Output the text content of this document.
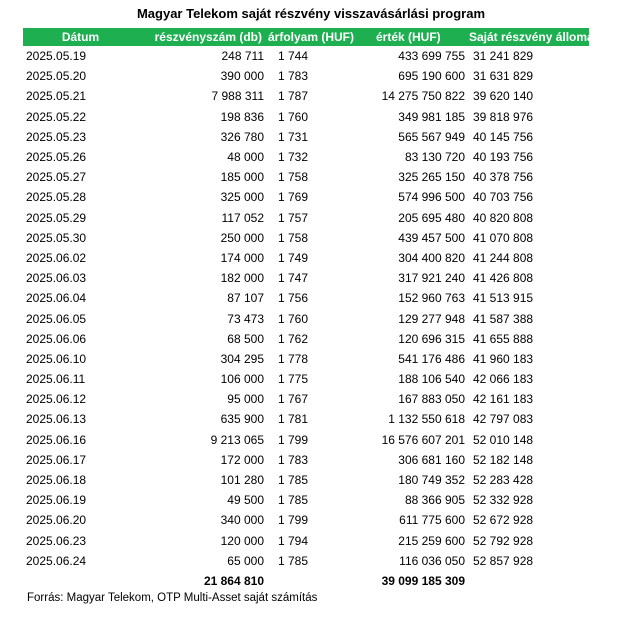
Magyar Telekom saját részvény visszavásárlási program
Dátum	részvényszám (db)	árfolyam (HUF)	érték (HUF)	Saját részvény állomány
2025.05.19	248 711	1 744	433 699 755	31 241 829
2025.05.20	390 000	1 783	695 190 600	31 631 829
2025.05.21	7 988 311	1 787	14 275 750 822	39 620 140
2025.05.22	198 836	1 760	349 981 185	39 818 976
2025.05.23	326 780	1 731	565 567 949	40 145 756
2025.05.26	48 000	1 732	83 130 720	40 193 756
2025.05.27	185 000	1 758	325 265 150	40 378 756
2025.05.28	325 000	1 769	574 996 500	40 703 756
2025.05.29	117 052	1 757	205 695 480	40 820 808
2025.05.30	250 000	1 758	439 457 500	41 070 808
2025.06.02	174 000	1 749	304 400 820	41 244 808
2025.06.03	182 000	1 747	317 921 240	41 426 808
2025.06.04	87 107	1 756	152 960 763	41 513 915
2025.06.05	73 473	1 760	129 277 948	41 587 388
2025.06.06	68 500	1 762	120 696 315	41 655 888
2025.06.10	304 295	1 778	541 176 486	41 960 183
2025.06.11	106 000	1 775	188 106 540	42 066 183
2025.06.12	95 000	1 767	167 883 050	42 161 183
2025.06.13	635 900	1 781	1 132 550 618	42 797 083
2025.06.16	9 213 065	1 799	16 576 607 201	52 010 148
2025.06.17	172 000	1 783	306 681 160	52 182 148
2025.06.18	101 280	1 785	180 749 352	52 283 428
2025.06.19	49 500	1 785	88 366 905	52 332 928
2025.06.20	340 000	1 799	611 775 600	52 672 928
2025.06.23	120 000	1 794	215 259 600	52 792 928
2025.06.24	65 000	1 785	116 036 050	52 857 928
	21 864 810		39 099 185 309	
Forrás: Magyar Telekom, OTP Multi-Asset saját számítás
